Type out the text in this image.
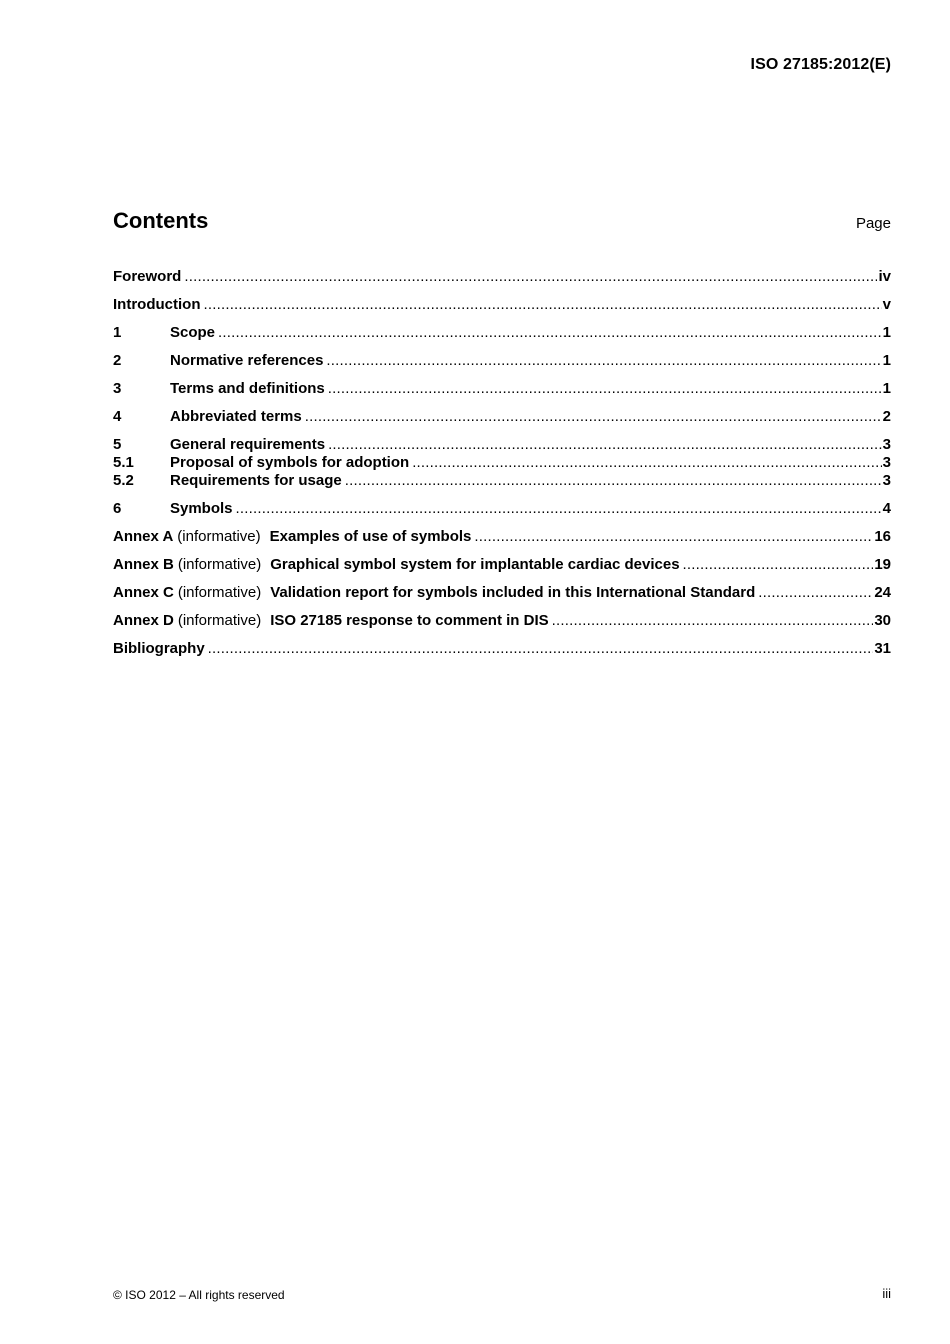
ISO 27185:2012(E)
Contents	Page
Foreword .....	iv
Introduction .....	v
1	Scope .....	1
2	Normative references .....	1
3	Terms and definitions .....	1
4	Abbreviated terms .....	2
5	General requirements .....	3
5.1	Proposal of symbols for adoption .....	3
5.2	Requirements for usage .....	3
6	Symbols .....	4
Annex A (informative) Examples of use of symbols .....	16
Annex B (informative) Graphical symbol system for implantable cardiac devices .....	19
Annex C (informative) Validation report for symbols included in this International Standard .....	24
Annex D (informative) ISO 27185 response to comment in DIS .....	30
Bibliography .....	31
© ISO 2012 – All rights reserved	iii
